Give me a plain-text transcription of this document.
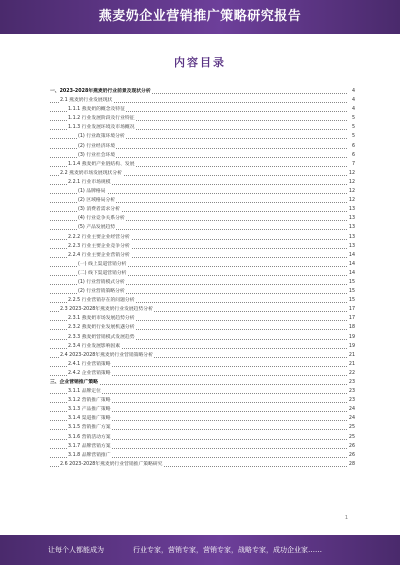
燕麦奶企业营销推广策略研究报告
内容目录
一、2023-2028年燕麦奶行业前景及现状分析	4
2.1 燕麦奶行业发展现状	4
1.1.1 燕麦奶的概念及特征	4
1.1.2 行业发展阶段及行业特征	5
1.1.3 行业发展环境及市场概况	5
(1) 行业政策环境分析	5
(2) 行业经济环境	6
(3) 行业社会环境	6
1.1.4 燕麦奶产业链结构、发展	7
2.2 燕麦奶市场发展现状分析	12
2.2.1 行业市场规模	12
(1) 品牌格局	12
(2) 区域格局分析	12
(3) 消费者需求分析	13
(4) 行业竞争关系分析	13
(5) 产品发展趋势	13
2.2.2 行业主要企业经营分析	13
2.2.3 行业主要企业竞争分析	13
2.2.4 行业主要企业营销分析	14
(一) 线上渠道营销分析	14
(二) 线下渠道营销分析	14
(1) 行业营销模式分析	15
(2) 行业营销策略分析	15
2.2.5 行业营销存在的问题分析	15
2.3 2023-2028年燕麦奶行业发展趋势分析	17
2.3.1 燕麦奶市场发展趋势分析	17
2.3.2 燕麦奶行业发展机遇分析	18
2.3.3 燕麦奶营销模式发展趋势	19
2.3.4 行业发展影响因素	19
2.4 2023-2028年燕麦奶行业营销策略分析	21
2.4.1 行业营销策略	21
2.4.2 企业营销策略	22
三、企业营销推广策略	23
3.1.1 品牌定位	23
3.1.2 营销推广策略	23
3.1.3 产品推广策略	24
3.1.4 渠道推广策略	24
3.1.5 营销推广方案	25
3.1.6 营销活动方案	25
3.1.7 品牌营销方案	26
3.1.8 品牌营销推广	26
2.6 2023-2028年燕麦奶行业营销推广策略研究	28
1
让每个人都能成为	行业专家，营销专家，营销专家，战略专家，成功企业家……
